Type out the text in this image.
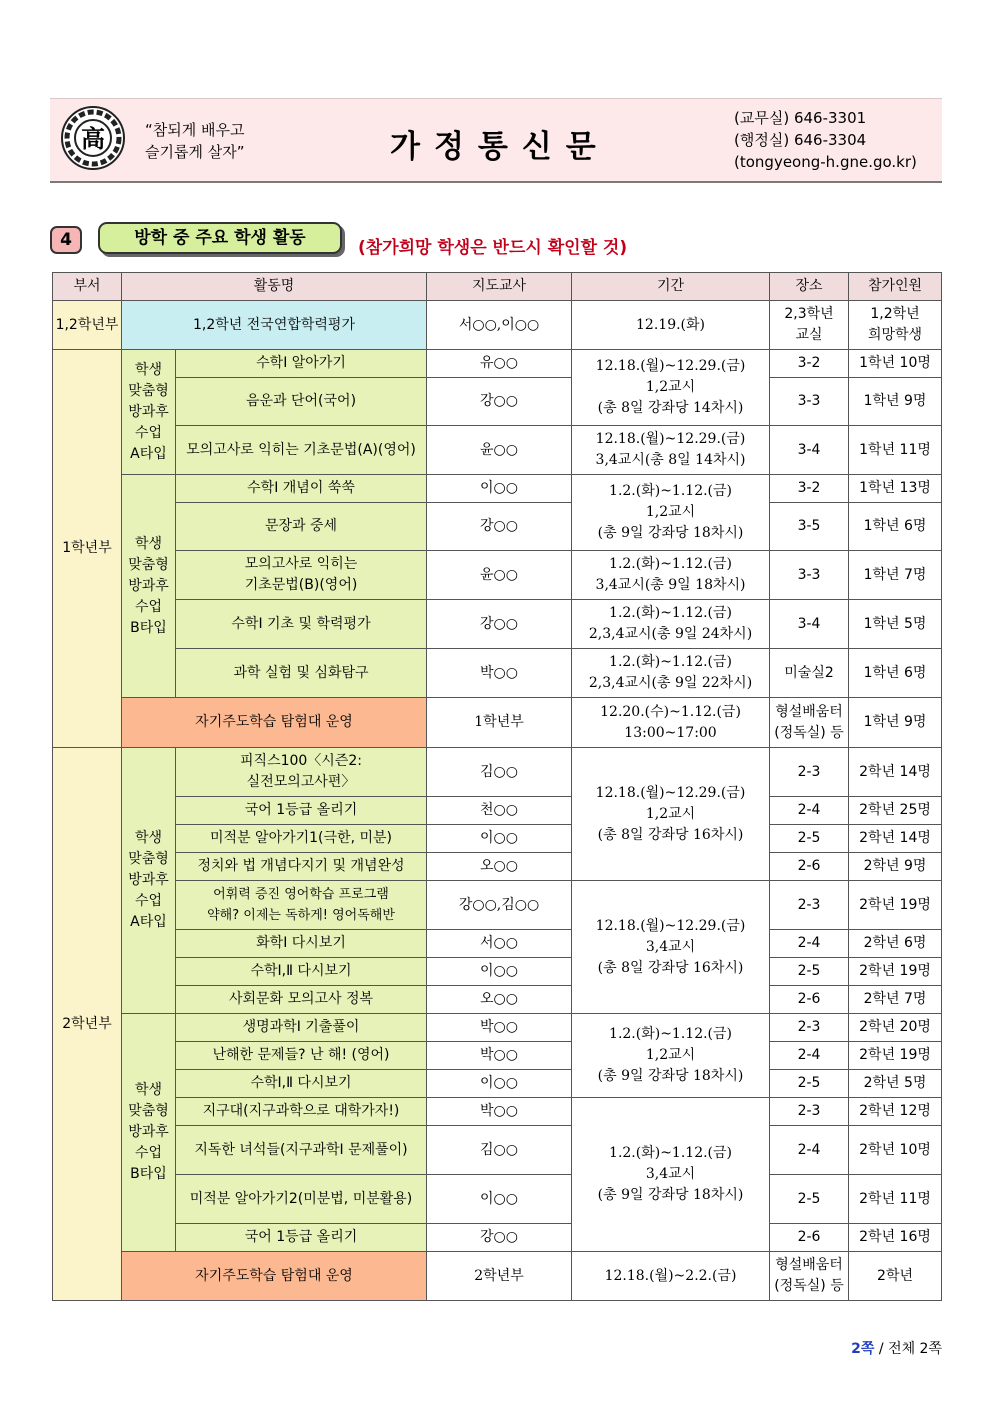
高	“참되게 배우고
슬기롭게 살자”	가정통신문
(교무실) 646-3301
(행정실) 646-3304
(tongyeong-h.gne.go.kr)
4	방학 중 주요 학생 활동	(참가희망 학생은 반드시 확인할 것)
부서	활동명		지도교사	기간	장소	참가인원
1,2학년부	1,2학년 전국연합학력평가		서○○,이○○	12.19.(화)	2,3학년
교실	1,2학년
희망학생
1학년부	학생
맞춤형
방과후
수업
A타입	수학Ⅰ 알아가기	유○○	12.18.(월)~12.29.(금)
1,2교시
(총 8일 강좌당 14차시)	3-2	1학년 10명
		음운과 단어(국어)	강○○		3-3	1학년 9명
		모의고사로 익히는 기초문법(A)(영어)	윤○○	12.18.(월)~12.29.(금)
3,4교시(총 8일 14차시)	3-4	1학년 11명
	학생
맞춤형
방과후
수업
B타입	수학Ⅰ 개념이 쑥쑥	이○○	1.2.(화)~1.12.(금)
1,2교시
(총 9일 강좌당 18차시)	3-2	1학년 13명
		문장과 중세	강○○		3-5	1학년 6명
		모의고사로 익히는
기초문법(B)(영어)	윤○○	1.2.(화)~1.12.(금)
3,4교시(총 9일 18차시)	3-3	1학년 7명
		수학Ⅰ 기초 및 학력평가	강○○	1.2.(화)~1.12.(금)
2,3,4교시(총 9일 24차시)	3-4	1학년 5명
		과학 실험 및 심화탐구	박○○	1.2.(화)~1.12.(금)
2,3,4교시(총 9일 22차시)	미술실2	1학년 6명
	자기주도학습 탐험대 운영		1학년부	12.20.(수)~1.12.(금)
13:00~17:00	형설배움터
(정독실) 등	1학년 9명
2학년부	학생
맞춤형
방과후
수업
A타입	피직스100〈시즌2:
실전모의고사편〉	김○○	12.18.(월)~12.29.(금)
1,2교시
(총 8일 강좌당 16차시)	2-3	2학년 14명
		국어 1등급 올리기	천○○		2-4	2학년 25명
		미적분 알아가기1(극한, 미분)	이○○		2-5	2학년 14명
		정치와 법 개념다지기 및 개념완성	오○○		2-6	2학년 9명
		어휘력 증진 영어학습 프로그램
약해? 이제는 독하게! 영어독해반	강○○,김○○	12.18.(월)~12.29.(금)
3,4교시
(총 8일 강좌당 16차시)	2-3	2학년 19명
		화학Ⅰ 다시보기	서○○		2-4	2학년 6명
		수학Ⅰ,Ⅱ 다시보기	이○○		2-5	2학년 19명
		사회문화 모의고사 정복	오○○		2-6	2학년 7명
	학생
맞춤형
방과후
수업
B타입	생명과학Ⅰ 기출풀이	박○○	1.2.(화)~1.12.(금)
1,2교시
(총 9일 강좌당 18차시)	2-3	2학년 20명
		난해한 문제들? 난 해! (영어)	박○○		2-4	2학년 19명
		수학Ⅰ,Ⅱ 다시보기	이○○		2-5	2학년 5명
		지구대(지구과학으로 대학가자!)	박○○	1.2.(화)~1.12.(금)
3,4교시
(총 9일 강좌당 18차시)	2-3	2학년 12명
		지독한 녀석들(지구과학Ⅰ 문제풀이)	김○○		2-4	2학년 10명
		미적분 알아가기2(미분법, 미분활용)	이○○		2-5	2학년 11명
		국어 1등급 올리기	강○○		2-6	2학년 16명
	자기주도학습 탐험대 운영		2학년부	12.18.(월)~2.2.(금)	형설배움터
(정독실) 등	2학년
2쪽 / 전체 2쪽
